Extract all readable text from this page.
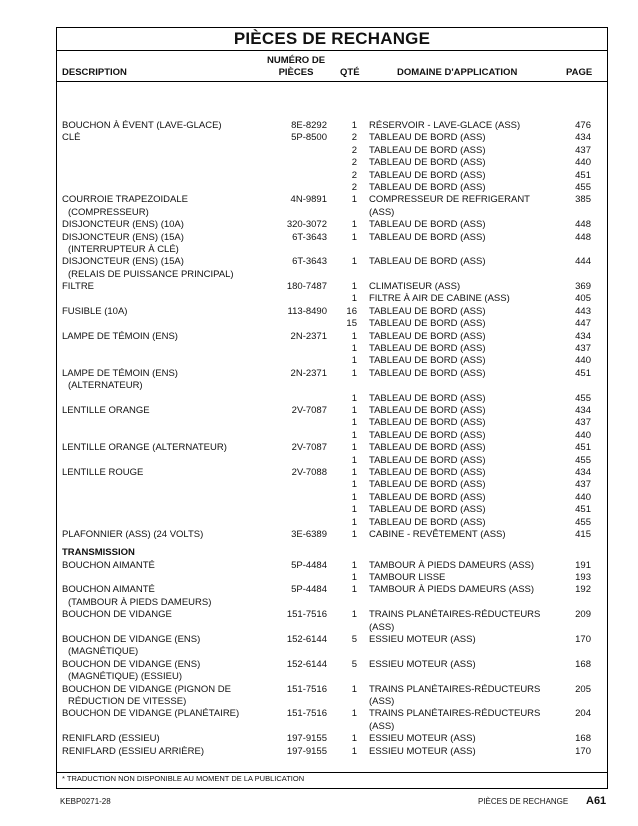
PIÈCES DE RECHANGE
DESCRIPTION
NUMÉRO DE
PIÈCES	QTÉ	DOMAINE D'APPLICATION	PAGE
BOUCHON À ÉVENT (LAVE-GLACE)	8E-8292	1 RÉSERVOIR - LAVE-GLACE (ASS)	476
CLÉ	5P-8500	2 TABLEAU DE BORD (ASS)	434
2 TABLEAU DE BORD (ASS)	437
2 TABLEAU DE BORD (ASS)	440
2 TABLEAU DE BORD (ASS)	451
2 TABLEAU DE BORD (ASS)	455
COURROIE TRAPEZOIDALE	4N-9891	1 COMPRESSEUR DE REFRIGERANT	385
(COMPRESSEUR)	(ASS)
DISJONCTEUR (ENS) (10A)	320-3072	1 TABLEAU DE BORD (ASS)	448
DISJONCTEUR (ENS) (15A)	6T-3643	1 TABLEAU DE BORD (ASS)	448
(INTERRUPTEUR À CLÉ)
DISJONCTEUR (ENS) (15A)	6T-3643	1 TABLEAU DE BORD (ASS)	444
(RELAIS DE PUISSANCE PRINCIPAL)
FILTRE	180-7487	1 CLIMATISEUR (ASS)	369
1 FILTRE À AIR DE CABINE (ASS)	405
FUSIBLE (10A)	113-8490 16 TABLEAU DE BORD (ASS)	443
15 TABLEAU DE BORD (ASS)	447
LAMPE DE TÉMOIN (ENS)	2N-2371	1 TABLEAU DE BORD (ASS)	434
1 TABLEAU DE BORD (ASS)	437
1 TABLEAU DE BORD (ASS)	440
LAMPE DE TÉMOIN (ENS)	2N-2371	1 TABLEAU DE BORD (ASS)	451
(ALTERNATEUR)
1 TABLEAU DE BORD (ASS)	455
LENTILLE ORANGE	2V-7087	1 TABLEAU DE BORD (ASS)	434
1 TABLEAU DE BORD (ASS)	437
1 TABLEAU DE BORD (ASS)	440
LENTILLE ORANGE (ALTERNATEUR)	2V-7087	1 TABLEAU DE BORD (ASS)	451
1 TABLEAU DE BORD (ASS)	455
LENTILLE ROUGE	2V-7088	1 TABLEAU DE BORD (ASS)	434
1 TABLEAU DE BORD (ASS)	437
1 TABLEAU DE BORD (ASS)	440
1 TABLEAU DE BORD (ASS)	451
1 TABLEAU DE BORD (ASS)	455
PLAFONNIER (ASS) (24 VOLTS)	3E-6389	1 CABINE - REVÊTEMENT (ASS)	415
TRANSMISSION
BOUCHON AIMANTÉ	5P-4484	1 TAMBOUR À PIEDS DAMEURS (ASS)	191
1 TAMBOUR LISSE	193
BOUCHON AIMANTÉ	5P-4484	1 TAMBOUR À PIEDS DAMEURS (ASS)	192
(TAMBOUR À PIEDS DAMEURS)
BOUCHON DE VIDANGE	151-7516	1 TRAINS PLANÉTAIRES-RÉDUCTEURS	209
(ASS)
BOUCHON DE VIDANGE (ENS)	152-6144	5 ESSIEU MOTEUR (ASS)	170
(MAGNÉTIQUE)
BOUCHON DE VIDANGE (ENS)	152-6144	5 ESSIEU MOTEUR (ASS)	168
(MAGNÉTIQUE) (ESSIEU)
BOUCHON DE VIDANGE (PIGNON DE	151-7516	1 TRAINS PLANÉTAIRES-RÉDUCTEURS	205
RÉDUCTION DE VITESSE)	(ASS)
BOUCHON DE VIDANGE (PLANÉTAIRE)	151-7516	1 TRAINS PLANÉTAIRES-RÉDUCTEURS	204
(ASS)
RENIFLARD (ESSIEU)	197-9155	1 ESSIEU MOTEUR (ASS)	168
RENIFLARD (ESSIEU ARRIÈRE)	197-9155	1 ESSIEU MOTEUR (ASS)	170
* TRADUCTION NON DISPONIBLE AU MOMENT DE LA PUBLICATION
KEBP0271-28	PIÈCES DE RECHANGE A61
